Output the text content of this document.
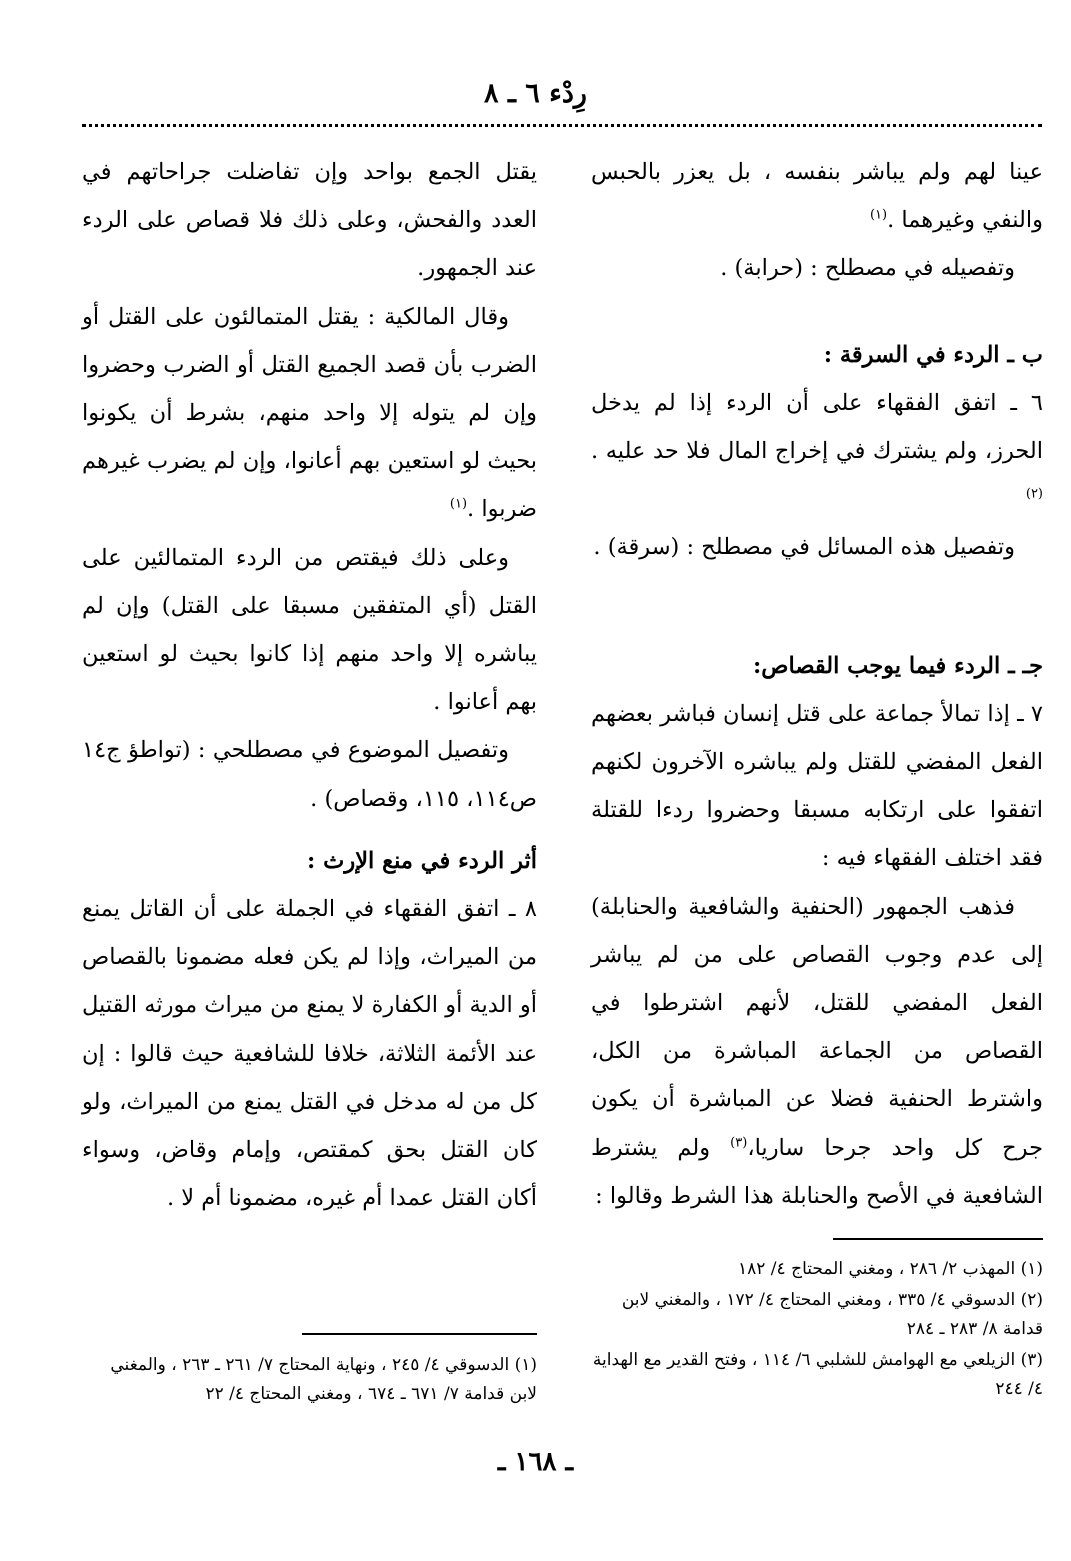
رِدْء ٦ ـ ٨

عينا لهم ولم يباشر بنفسه ، بل يعزر بالحبس والنفي وغيرهما .$^{(١)}$

وتفصيله في مصطلح : (حرابة) .

ب ـ الردء في السرقة :

٦ ـ اتفق الفقهاء على أن الردء إذا لم يدخل الحرز، ولم يشترك في إخراج المال فلا حد عليه .$^{(٢)}$

وتفصيل هذه المسائل في مصطلح : (سرقة) .

جـ ـ الردء فيما يوجب القصاص:

٧ ـ إذا تمالأ جماعة على قتل إنسان فباشر بعضهم الفعل المفضي للقتل ولم يباشره الآخرون لكنهم اتفقوا على ارتكابه مسبقا وحضروا ردءا للقتلة فقد اختلف الفقهاء فيه :

فذهب الجمهور (الحنفية والشافعية والحنابلة) إلى عدم وجوب القصاص على من لم يباشر الفعل المفضي للقتل، لأنهم اشترطوا في القصاص من الجماعة المباشرة من الكل، واشترط الحنفية فضلا عن المباشرة أن يكون جرح كل واحد جرحا ساريا،$^{(٣)}$ ولم يشترط الشافعية في الأصح والحنابلة هذا الشرط وقالوا :

يقتل الجمع بواحد وإن تفاضلت جراحاتهم في العدد والفحش، وعلى ذلك فلا قصاص على الردء عند الجمهور.

وقال المالكية : يقتل المتمالئون على القتل أو الضرب بأن قصد الجميع القتل أو الضرب وحضروا وإن لم يتوله إلا واحد منهم، بشرط أن يكونوا بحيث لو استعين بهم أعانوا، وإن لم يضرب غيرهم ضربوا .$^{(١)}$

وعلى ذلك فيقتص من الردء المتمالئين على القتل (أي المتفقين مسبقا على القتل) وإن لم يباشره إلا واحد منهم إذا كانوا بحيث لو استعين بهم أعانوا .

وتفصيل الموضوع في مصطلحي : (تواطؤ ج١٤ ص١١٤، ١١٥، وقصاص) .

أثر الردء في منع الإرث :

٨ ـ اتفق الفقهاء في الجملة على أن القاتل يمنع من الميراث، وإذا لم يكن فعله مضمونا بالقصاص أو الدية أو الكفارة لا يمنع من ميراث مورثه القتيل عند الأئمة الثلاثة، خلافا للشافعية حيث قالوا : إن كل من له مدخل في القتل يمنع من الميراث، ولو كان القتل بحق كمقتص، وإمام وقاض، وسواء أكان القتل عمدا أم غيره، مضمونا أم لا .

(١) المهذب ٢/ ٢٨٦ ، ومغني المحتاج ٤/ ١٨٢

(٢) الدسوقي ٤/ ٣٣٥ ، ومغني المحتاج ٤/ ١٧٢ ، والمغني لابن قدامة ٨/ ٢٨٣ ـ ٢٨٤

(٣) الزيلعي مع الهوامش للشلبي ٦/ ١١٤ ، وفتح القدير مع الهداية ٤/ ٢٤٤

(١) الدسوقي ٤/ ٢٤٥ ، ونهاية المحتاج ٧/ ٢٦١ ـ ٢٦٣ ، والمغني لابن قدامة ٧/ ٦٧١ ـ ٦٧٤ ، ومغني المحتاج ٤/ ٢٢

ـ ١٦٨ ـ
